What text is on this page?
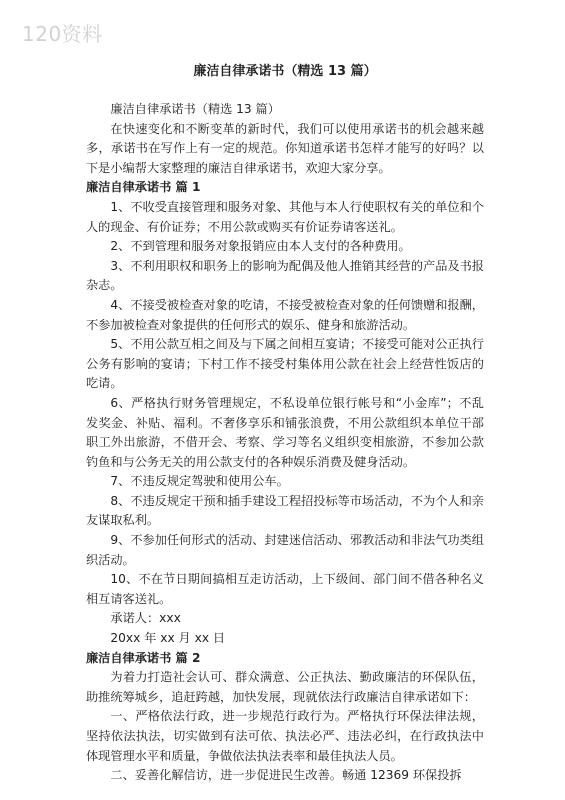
120资料
廉洁自律承诺书（精选 13 篇）

廉洁自律承诺书（精选 13 篇）

在快速变化和不断变革的新时代，我们可以使用承诺书的机会越来越多，承诺书在写作上有一定的规范。你知道承诺书怎样才能写的好吗？以下是小编帮大家整理的廉洁自律承诺书，欢迎大家分享。

廉洁自律承诺书 篇 1

1、不收受直接管理和服务对象、其他与本人行使职权有关的单位和个人的现金、有价证券；不用公款或购买有价证券请客送礼。

2、不到管理和服务对象报销应由本人支付的各种费用。

3、不利用职权和职务上的影响为配偶及他人推销其经营的产品及书报杂志。

4、不接受被检查对象的吃请，不接受被检查对象的任何馈赠和报酬，不参加被检查对象提供的任何形式的娱乐、健身和旅游活动。

5、不用公款互相之间及与下属之间相互宴请；不接受可能对公正执行公务有影响的宴请；下村工作不接受村集体用公款在社会上经营性饭店的吃请。

6、严格执行财务管理规定，不私设单位银行帐号和“小金库”；不乱发奖金、补贴、福利。不奢侈享乐和铺张浪费，不用公款组织本单位干部职工外出旅游，不借开会、考察、学习等名义组织变相旅游，不参加公款钓鱼和与公务无关的用公款支付的各种娱乐消费及健身活动。

7、不违反规定驾驶和使用公车。

8、不违反规定干预和插手建设工程招投标等市场活动，不为个人和亲友谋取私利。

9、不参加任何形式的活动、封建迷信活动、邪教活动和非法气功类组织活动。

10、不在节日期间搞相互走访活动，上下级间、部门间不借各种名义相互请客送礼。

承诺人：xxx

20xx 年 xx 月 xx 日

廉洁自律承诺书 篇 2

为着力打造社会认可、群众满意、公正执法、勤政廉洁的环保队伍，助推统筹城乡，追赶跨越，加快发展，现就依法行政廉洁自律承诺如下：

一、严格依法行政，进一步规范行政行为。严格执行环保法律法规，坚持依法执法，切实做到有法可依、执法必严、违法必纠，在行政执法中体现管理水平和质量，争做依法执法表率和最佳执法人员。

二、妥善化解信访，进一步促进民生改善。畅通 12369 环保投拆
